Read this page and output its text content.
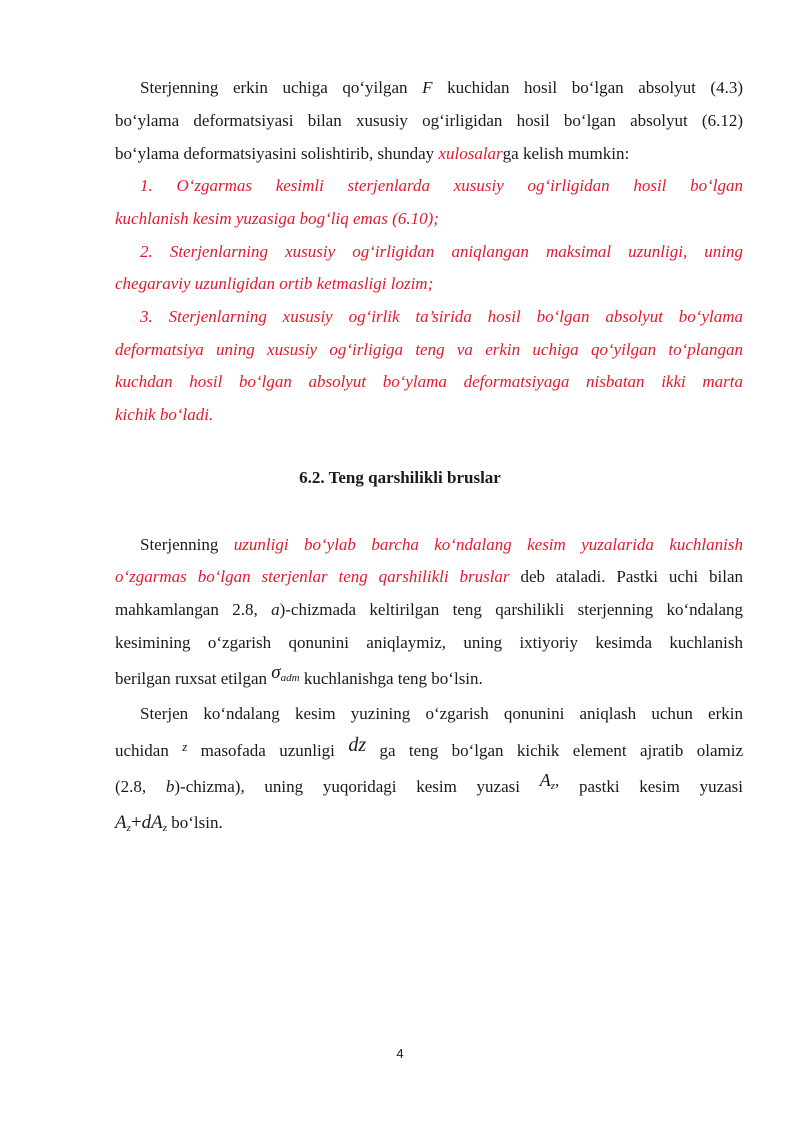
Sterjenning erkin uchiga qo‘yilgan F kuchidan hosil bo‘lgan absolyut (4.3)
bo‘ylama deformatsiyasi bilan xususiy og‘irligidan hosil bo‘lgan absolyut (6.12)
bo‘ylama deformatsiyasini solishtirib, shunday xulosalarga kelish mumkin:
1. O‘zgarmas kesimli sterjenlarda xususiy og‘irligidan hosil bo‘lgan
kuchlanish kesim yuzasiga bog‘liq emas (6.10);
2. Sterjenlarning xususiy og‘irligidan aniqlangan maksimal uzunligi, uning
chegaraviy uzunligidan ortib ketmasligi lozim;
3. Sterjenlarning xususiy og‘irlik ta’sirida hosil bo‘lgan absolyut bo‘ylama
deformatsiya uning xususiy og‘irligiga teng va erkin uchiga qo‘yilgan to‘plangan
kuchdan hosil bo‘lgan absolyut bo‘ylama deformatsiyaga nisbatan ikki marta
kichik bo‘ladi.
6.2. Teng qarshilikli bruslar
Sterjenning uzunligi bo‘ylab barcha ko‘ndalang kesim yuzalarida kuchlanish
o‘zgarmas bo‘lgan sterjenlar teng qarshilikli bruslar deb ataladi. Pastki uchi bilan
mahkamlangan 2.8, a)-chizmada keltirilgan teng qarshilikli sterjenning ko‘ndalang
kesimining o‘zgarish qonunini aniqlaymiz, uning ixtiyoriy kesimda kuchlanish
berilgan ruxsat etilgan $\sigma_{adm}$ kuchlanishga teng bo‘lsin.
Sterjen ko‘ndalang kesim yuzining o‘zgarish qonunini aniqlash uchun erkin
uchidan $^z$ masofada uzunligi dz ga teng bo‘lgan kichik element ajratib olamiz
(2.8, b)-chizma), uning yuqoridagi kesim yuzasi $A_z$, pastki kesim yuzasi
$A_z+dA_z$ bo‘lsin.
4
